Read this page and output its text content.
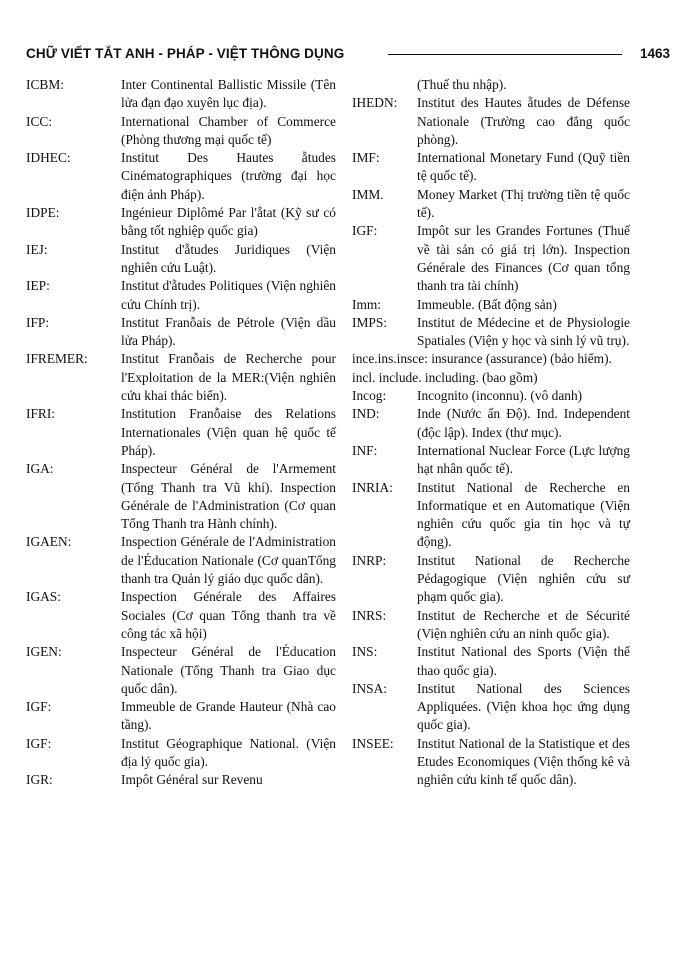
CHỮ VIẾT TẮT ANH - PHÁP - VIỆT THÔNG DỤNG	1463
ICBM:	Inter Continental Ballistic Missile (Tên lửa đạn đạo xuyên lục địa).
ICC:	International Chamber of Commerce (Phòng thương mại quốc tế)
IDHEC:	Institut Des Hautes ẵtudes Cinématographiques (trường đại học điện ảnh Pháp).
IDPE:	Ingénieur Diplômé Par l'ẵtat (Kỹ sư có bằng tốt nghiệp quốc gia)
IEJ:	Institut d'ẵtudes Juridiques (Viện nghiên cứu Luật).
IEP:	Institut d'ẵtudes Politiques (Viện nghiên cứu Chính trị).
IFP:	Institut Franỗais de Pétrole (Viện dầu lửa Pháp).
IFREMER:	Institut Franỗais de Recherche pour l'Exploitation de la MER:(Viện nghiên cứu khai thác biển).
IFRI:	Institution Franỗaise des Relations Internationales (Viện quan hệ quốc tế Pháp).
IGA:	Inspecteur Général de l'Armement (Tổng Thanh tra Vũ khí). Inspection Générale de l'Administration (Cơ quan Tổng Thanh tra Hành chính).
IGAEN:	Inspection Générale de l'Administration de l'Éducation Nationale (Cơ quanTổng thanh tra Quản lý giáo dục quốc dân).
IGAS:	Inspection Générale des Affaires Sociales (Cơ quan Tổng thanh tra về công tác xã hội)
IGEN:	Inspecteur Général de l'Éducation Nationale (Tổng Thanh tra Giao dục quốc dân).
IGF:	Immeuble de Grande Hauteur (Nhà cao tầng).
IGF:	Institut Géographique National. (Viện địa lý quốc gia).
IGR:	Impôt Général sur Revenu
(Thuế thu nhập).
IHEDN:	Institut des Hautes ẵtudes de Défense Nationale (Trường cao đẳng quốc phòng).
IMF:	International Monetary Fund (Quỹ tiền tệ quốc tế).
IMM.	Money Market (Thị trường tiền tệ quốc tế).
IGF:	Impôt sur les Grandes Fortunes (Thuế về tài sản có giá trị lớn). Inspection Générale des Finances (Cơ quan tổng thanh tra tài chính)
Imm:	Immeuble. (Bất động sản)
IMPS:	Institut de Médecine et de Physiologie Spatiales (Viện y học và sinh lý vũ trụ).
ince.ins.insce: insurance (assurance) (bảo hiểm).
incl. include. including. (bao gồm)
Incog:	Incognito (inconnu). (vô danh)
IND:	Inde (Nước ấn Độ). Ind. Independent (độc lập). Index (thư mục).
INF:	International Nuclear Force (Lực lượng hạt nhân quốc tế).
INRIA:	Institut National de Recherche en Informatique et en Automatique (Viện nghiên cứu quốc gia tin học và tự động).
INRP:	Institut National de Recherche Pédagogique (Viện nghiên cứu sư phạm quốc gia).
INRS:	Institut de Recherche et de Sécurité (Viện nghiên cứu an ninh quốc gia).
INS:	Institut National des Sports (Viện thể thao quốc gia).
INSA:	Institut National des Sciences Appliquées. (Viện khoa học ứng dụng quốc gia).
INSEE:	Institut National de la Statistique et des Etudes Economiques (Viện thống kê và nghiên cứu kinh tế quốc dân).
